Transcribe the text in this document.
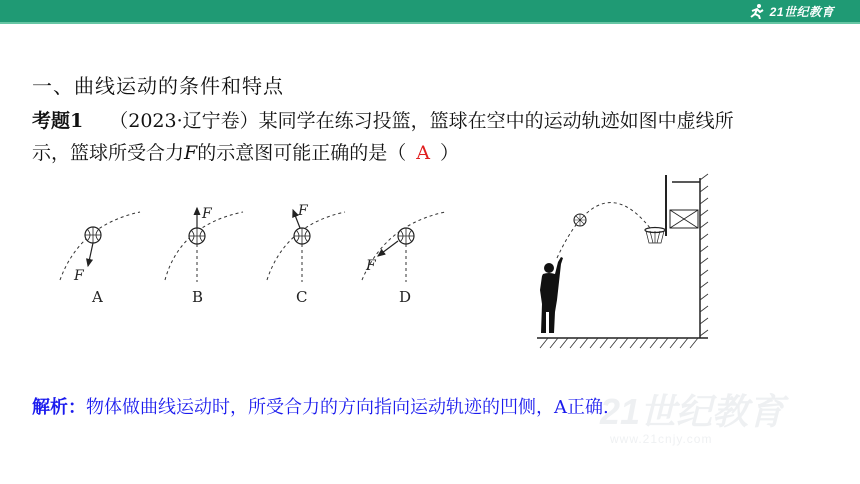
21世纪教育
一、曲线运动的条件和特点
考题1 （2023·辽宁卷）某同学在练习投篮，篮球在空中的运动轨迹如图中虚线所
示，篮球所受合力F的示意图可能正确的是（ A ）
F
A
F
B
F
C
F
D
解析：物体做曲线运动时，所受合力的方向指向运动轨迹的凹侧，A正确.
21世纪教育
www.21cnjy.com
